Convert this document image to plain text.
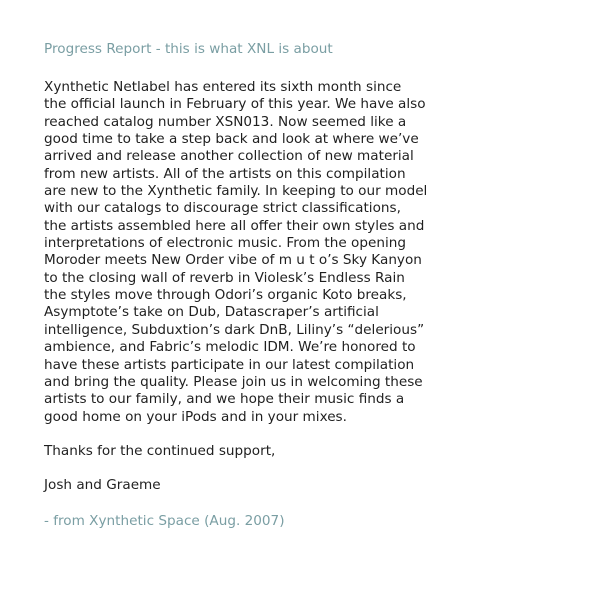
Progress Report - this is what XNL is about
Xynthetic Netlabel has entered its sixth month since
the official launch in February of this year. We have also
reached catalog number XSN013. Now seemed like a
good time to take a step back and look at where we’ve
arrived and release another collection of new material
from new artists. All of the artists on this compilation
are new to the Xynthetic family. In keeping to our model
with our catalogs to discourage strict classifications,
the artists assembled here all offer their own styles and
interpretations of electronic music. From the opening
Moroder meets New Order vibe of m u t o’s Sky Kanyon
to the closing wall of reverb in Violesk’s Endless Rain
the styles move through Odori’s organic Koto breaks,
Asymptote’s take on Dub, Datascraper’s artificial
intelligence, Subduxtion’s dark DnB, Liliny’s “delerious”
ambience, and Fabric’s melodic IDM. We’re honored to
have these artists participate in our latest compilation
and bring the quality. Please join us in welcoming these
artists to our family, and we hope their music finds a
good home on your iPods and in your mixes.
Thanks for the continued support,
Josh and Graeme
- from Xynthetic Space (Aug. 2007)
